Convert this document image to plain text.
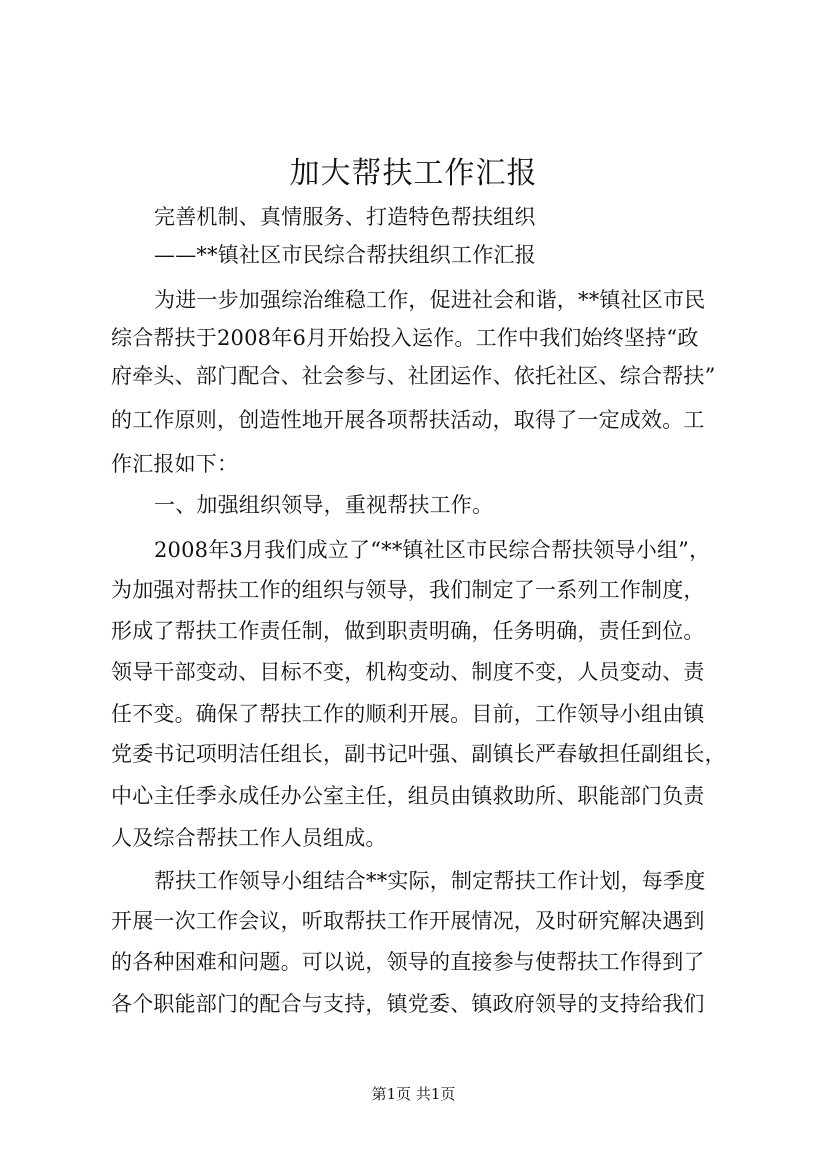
加大帮扶工作汇报
完善机制、真情服务、打造特色帮扶组织
——**镇社区市民综合帮扶组织工作汇报
为进一步加强综治维稳工作，促进社会和谐，**镇社区市民
综合帮扶于2008年6月开始投入运作。工作中我们始终坚持“政
府牵头、部门配合、社会参与、社团运作、依托社区、综合帮扶”
的工作原则，创造性地开展各项帮扶活动，取得了一定成效。工
作汇报如下：
一、加强组织领导，重视帮扶工作。
2008年3月我们成立了“**镇社区市民综合帮扶领导小组”，
为加强对帮扶工作的组织与领导，我们制定了一系列工作制度，
形成了帮扶工作责任制，做到职责明确，任务明确，责任到位。
领导干部变动、目标不变，机构变动、制度不变，人员变动、责
任不变。确保了帮扶工作的顺利开展。目前，工作领导小组由镇
党委书记项明洁任组长，副书记叶强、副镇长严春敏担任副组长，
中心主任季永成任办公室主任，组员由镇救助所、职能部门负责
人及综合帮扶工作人员组成。
帮扶工作领导小组结合**实际，制定帮扶工作计划，每季度
开展一次工作会议，听取帮扶工作开展情况，及时研究解决遇到
的各种困难和问题。可以说，领导的直接参与使帮扶工作得到了
各个职能部门的配合与支持，镇党委、镇政府领导的支持给我们
第1页 共1页
